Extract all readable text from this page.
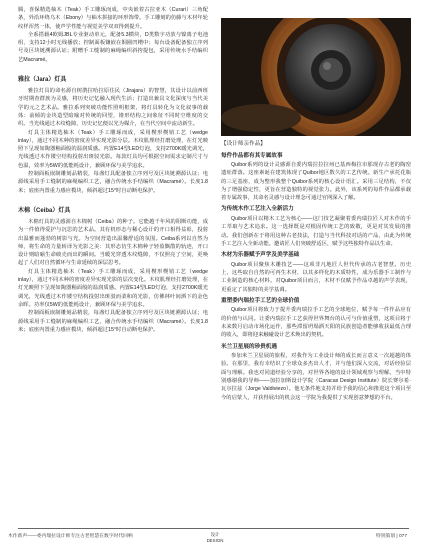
腾，喜保精选柚木（Teak）手工雕琢而成，中央嵌着古拉亚木（Curari）三角配条，外沿环绕乌木（Ebony）与柚木拼接的环形饰带。手工雕刻的仿藤与木材年轮纹样浑然一体，使声学性能与视觉美学双双得到提升。

全系搭载4欧姆JBL专业驱动单元，配备5.3横块，D类数字功放与镍离子电池组，支持12小时无线播放；控制面板镶嵌在铜圈凹槽中；每台设备配备独立序列号及区块链溯源认证；附赠手工缝制的麻绳编织斜挎提包，采用传统水手结编织艺Macramé。

雅拉（Jara）灯具

雅拉灯具的命名源自树鹊拉哈拉原住民（Jirajara）的智慧，其设计以前西班牙时期查群族为灵感，将历史记忆融入现代生活；打造出兼具文化深度与当代美学的元之艺术品。雅拉系列突破功能性照明框架，将灯具转化为文化叙事的载体：前倾的金块造型暗喻对传统的回望，锥形结构之间象征不同时空维度的交织。当光线通过木纹缝隙，历史记忆便以光为媒介，在当代空间中流动新生。

灯具主体精选柚木（Teak）手工雕琢而成，采用楔形楔销工艺（wedge inlay），通过不同木种的密度差异实现光影分层。木纹肌理经打磨处理，在灯光映照下呈现如陶器釉面般的温润质感。内置E14型LED灯泡，支持2700K暖光调光，光线透过木作镂空结构投射出斑驳光影。每款灯具均可根据空间需求定制尺寸与色温，效率为5W的低能耗设计，兼顾环保与美学追求。

控制面板嵌制雕刻品精装，每盏灯具配备独立序列号及区块链溯源认证；电源线采用手工缝制的麻绳编织工艺，融合传统水手结编织（Macramé）。长度1.8米；底座内置重力感应模块，倾斜超过15°时自动断电保护。

木棉（Ceiba）灯具

木棉灯具的灵感源自木棉树（Ceiba）的种子。它能越千年风的阻断功能，成为一件值得爱护与沉思的艺术品。其有机形态与稀心设计的开口相得益彰，投射出温雅而蓬勃的树影与光。为空间营造出温馨舒适的氛围。Ceiba系列以自然为师，将生命的力量转译为光影之美：其形态仿生木棉种子轻盈飘散的轨迹，开口设计则暗喻生命破壳而出的瞬间。当暖光穿透木纹缝隙，不仅照亮了空间，更唤起了人们对自然循环与生命延续的深层思考。

灯具主体精选柚木（Teak）手工雕琢而成，采用楔形楔销工艺（wedge inlay），通过不同木种的密度差异实现光影的层次变化。木纹肌理经打磨处理，在灯光映照下呈现如陶器釉面般的温润质感。内置E14型LED灯泡，支持2700K暖光调光，光线透过木作镂空结构投射出斑驳而柔和的光影，仿佛林叶间洒下的金色余晖。功率仅5W的低能耗设计，兼顾环保与美学追求。

控制面板嵌制雕刻品精装，每盏灯具配备独立序列号及区块链溯源认证；电源线采用手工缝制的麻绳编织工艺，融合传统水手结编织（Macramé）。长度1.8米；底座内置重力感应模块，倾斜超过15°时自动断电保护。

【设计师亲作品】

每件作品都有其专属故事

Quibor系列的设计灵感源自委内瑞拉拉拉州已基西梅拉市那现存古老的陶窑遗址群落。这座素诞在建筑体现了Quibor地区数久的工艺传统。新生产承托花瓶的三足基座，成为整形我整个Quibor系列的核心设计语汇。采用三足结构，不仅为了增强稳定性，更旨在营造独特的视觉张力。此外，该系列的每件作品都承载着专属故事，其命名灵感与设计理念可通过官网深入了解。

为传统木作工艺注入全新活力

Quibor项目以精木工艺为核心——这门技艺凝聚着委内瑞拉匠人对木作的手工萃取与艺术追求。这一选择既是对根固传统工艺的致敬，更是对其发展的推动。我们创新在于将用这种古老技法，打造与当代科技对话的产品，由此为传统手工艺注入全新动能。邀请匠人们突破舒适区，赋予这些独特作品以生命。

木材为乐器赋予声学及美学基础

Quibor项目聚焦木雕技艺——这项非凡地匠人世代传承的古老智慧。历史上，这些取自自然的可再生木材，以其多样化的木质特性，成为乐器手工制作与工业制造的核心材料。对Quibor项目而言，木材不仅赋予作品卓越的声学表现，更重定了其独特的美学基调。

重塑委内瑞拉手工艺的全球价值

Quibor项目将致力于提升委内瑞拉手工艺的全球地位，赋予每一件作品应有的价值与认同。让委内瑞拉手工艺获得世界舞台的认可与价值重塑，这项目将于未来数月启动市场化运作，那些滞留坍塌洒天阳的民族创造者能够收获最低合理的收入，即将迎来触碰设计艺术焕出的契机。

米兰卫星展的珍贵机遇

参加米兰卫星展的旅程，对我作为工业设计师的成长而言意义一次超越的体验。在那里，我有幸结识了全球众多杰出人才，并与他们深入交流，对话经验层面与理解。我也对同道经验分享的，对世界各地的设计领域观察与理解。当中特别感谢我的导师——加拉加斯设计学院（Caracas Design Institute）院长赛尔希·瓦尔拉兹（Jorge Valdiviezo）。他无条件地支持并给予我的信心和推进这个项目至今的启蒙人，并获得展出的机会这一学院为我提供了实现创意梦想的平台。

木作新声——委内瑞拉设计师专注古老智慧在数字时代回响	设计
DESIGN
特别策划 | 077
